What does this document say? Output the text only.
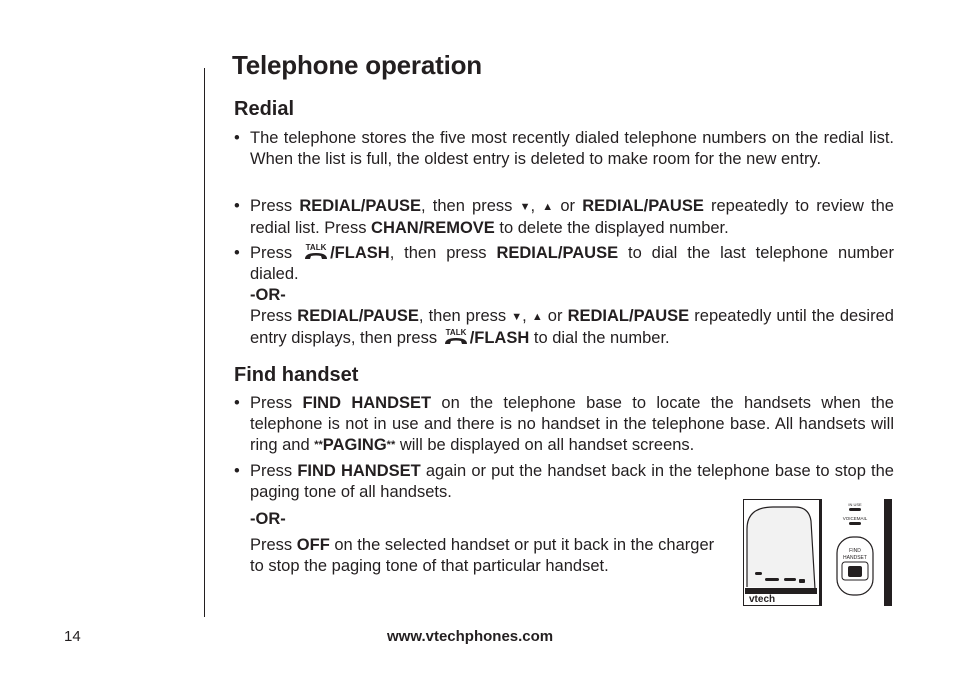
Telephone operation
Redial
• The telephone stores the five most recently dialed telephone numbers on the redial list. When the list is full, the oldest entry is deleted to make room for the new entry.
• Press REDIAL/PAUSE, then press ▼, ▲ or REDIAL/PAUSE repeatedly to review the redial list. Press CHAN/REMOVE to delete the displayed number.
• Press TALK /FLASH, then press REDIAL/PAUSE to dial the last telephone number dialed.
-OR-
Press REDIAL/PAUSE, then press ▼, ▲ or REDIAL/PAUSE repeatedly until the desired entry displays, then press TALK /FLASH to dial the number.
Find handset
• Press FIND HANDSET on the telephone base to locate the handsets when the telephone is not in use and there is no handset in the telephone base. All handsets will ring and **PAGING** will be displayed on all handset screens.
• Press FIND HANDSET again or put the handset back in the telephone base to stop the paging tone of all handsets.
-OR-
Press OFF on the selected handset or put it back in the charger to stop the paging tone of that particular handset.
IN USE
VOICEMAIL
FIND
HANDSET
vtech
14	www.vtechphones.com
